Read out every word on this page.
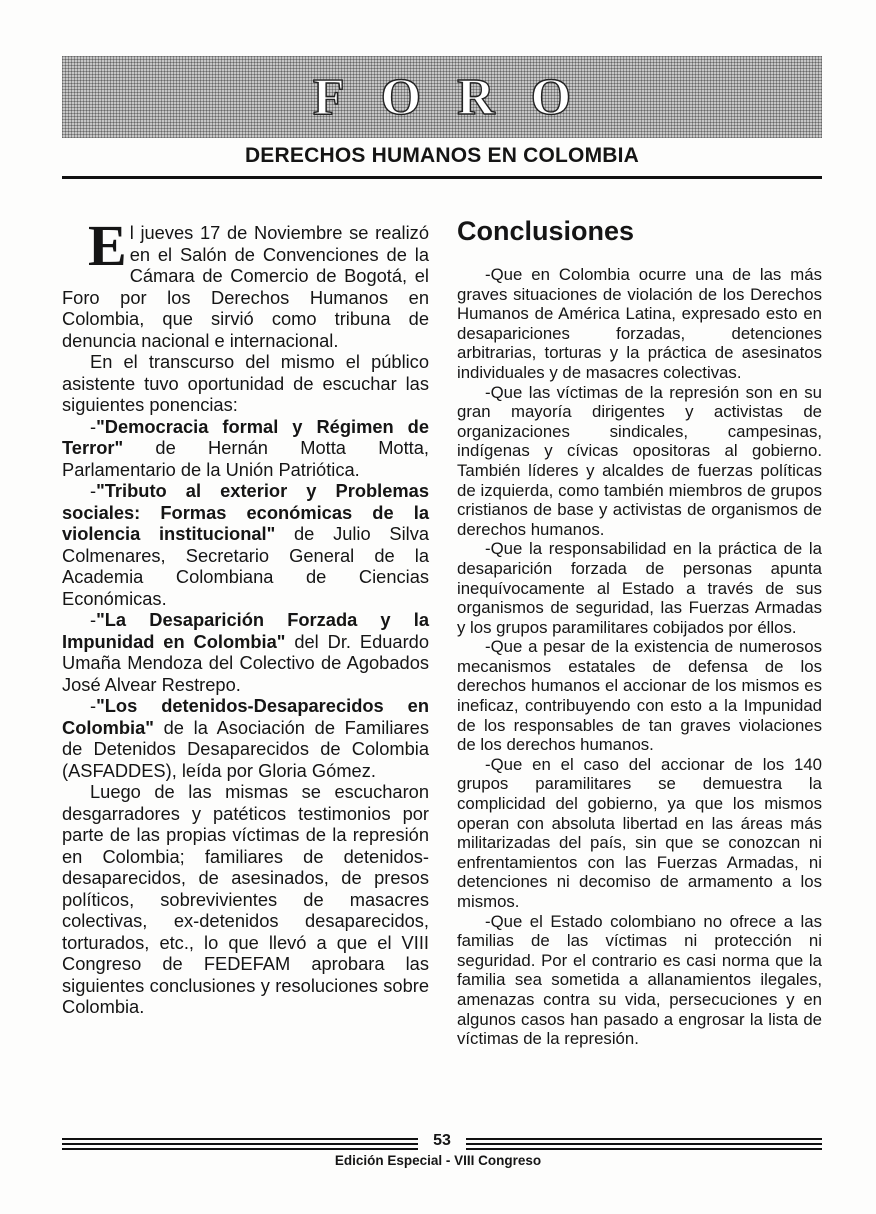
FORO
DERECHOS HUMANOS EN COLOMBIA

El jueves 17 de Noviembre se realizó en el Salón de Convenciones de la Cámara de Comercio de Bogotá, el Foro por los Derechos Humanos en Colombia, que sirvió como tribuna de denuncia nacional e internacional.

En el transcurso del mismo el público asistente tuvo oportunidad de escuchar las siguientes ponencias:

-"Democracia formal y Régimen de Terror" de Hernán Motta Motta, Parlamentario de la Unión Patriótica.

-"Tributo al exterior y Problemas sociales: Formas económicas de la violencia institucional" de Julio Silva Colmenares, Secretario General de la Academia Colombiana de Ciencias Económicas.

-"La Desaparición Forzada y la Impunidad en Colombia" del Dr. Eduardo Umaña Mendoza del Colectivo de Agobados José Alvear Restrepo.

-"Los detenidos-Desaparecidos en Colombia" de la Asociación de Familiares de Detenidos Desaparecidos de Colombia (ASFADDES), leída por Gloria Gómez.

Luego de las mismas se escucharon desgarradores y patéticos testimonios por parte de las propias víctimas de la represión en Colombia; familiares de detenidos-desaparecidos, de asesinados, de presos políticos, sobrevivientes de masacres colectivas, ex-detenidos desaparecidos, torturados, etc., lo que llevó a que el VIII Congreso de FEDEFAM aprobara las siguientes conclusiones y resoluciones sobre Colombia.

Conclusiones

-Que en Colombia ocurre una de las más graves situaciones de violación de los Derechos Humanos de América Latina, expresado esto en desapariciones forzadas, detenciones arbitrarias, torturas y la práctica de asesinatos individuales y de masacres colectivas.

-Que las víctimas de la represión son en su gran mayoría dirigentes y activistas de organizaciones sindicales, campesinas, indígenas y cívicas opositoras al gobierno. También líderes y alcaldes de fuerzas políticas de izquierda, como también miembros de grupos cristianos de base y activistas de organismos de derechos humanos.

-Que la responsabilidad en la práctica de la desaparición forzada de personas apunta inequívocamente al Estado a través de sus organismos de seguridad, las Fuerzas Armadas y los grupos paramilitares cobijados por éllos.

-Que a pesar de la existencia de numerosos mecanismos estatales de defensa de los derechos humanos el accionar de los mismos es ineficaz, contribuyendo con esto a la Impunidad de los responsables de tan graves violaciones de los derechos humanos.

-Que en el caso del accionar de los 140 grupos paramilitares se demuestra la complicidad del gobierno, ya que los mismos operan con absoluta libertad en las áreas más militarizadas del país, sin que se conozcan ni enfrentamientos con las Fuerzas Armadas, ni detenciones ni decomiso de armamento a los mismos.

-Que el Estado colombiano no ofrece a las familias de las víctimas ni protección ni seguridad. Por el contrario es casi norma que la familia sea sometida a allanamientos ilegales, amenazas contra su vida, persecuciones y en algunos casos han pasado a engrosar la lista de víctimas de la represión.

53
Edición Especial - VIII Congreso
